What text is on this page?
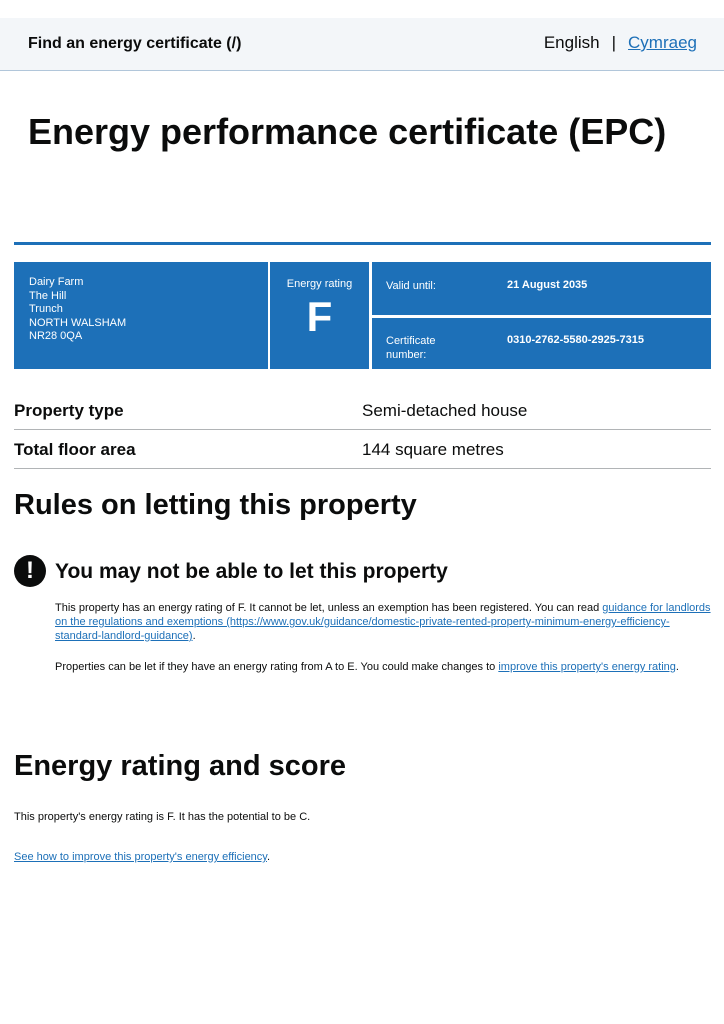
Find an energy certificate (/)	English | Cymraeg
Energy performance certificate (EPC)
Dairy Farm
The Hill
Trunch
NORTH WALSHAM
NR28 0QA
Energy rating
F
Valid until:	21 August 2035
Certificate number:
0310-2762-5580-2925-7315
Property type	Semi-detached house
Total floor area	144 square metres
Rules on letting this property
!	You may not be able to let this property

This property has an energy rating of F. It cannot be let, unless an exemption has been registered. You can read guidance for landlords on the regulations and exemptions (https://www.gov.uk/guidance/domestic-private-rented-property-minimum-energy-efficiency-standard-landlord-guidance).

Properties can be let if they have an energy rating from A to E. You could make changes to improve this property's energy rating.

Energy rating and score

This property's energy rating is F. It has the potential to be C.

See how to improve this property's energy efficiency.
